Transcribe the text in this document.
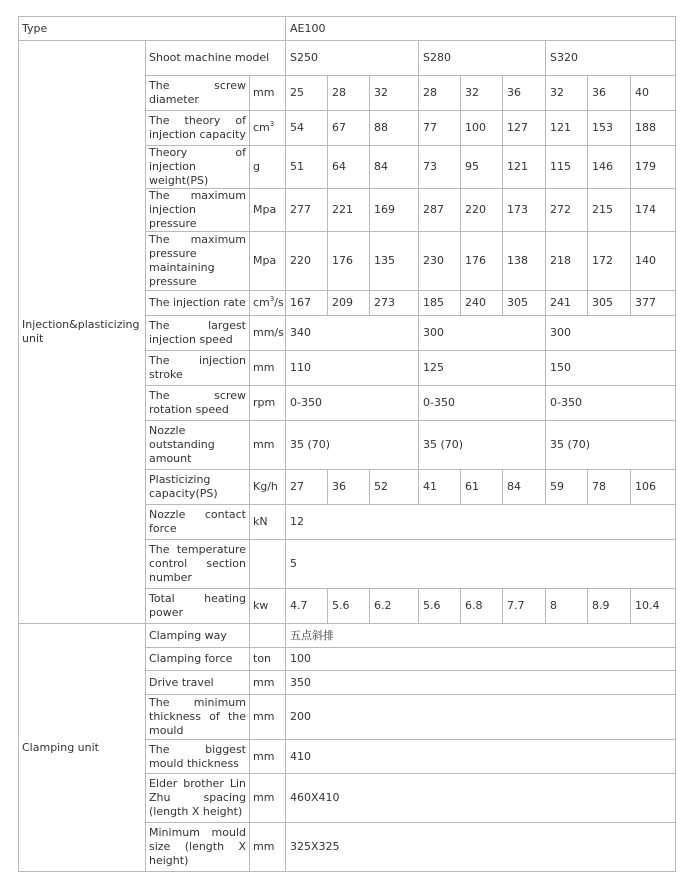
Type			AE100								
Injection&plasticizing unit	Shoot machine model		S250			S280			S320		
	The screw diameter	mm	25	28	32	28	32	36	32	36	40
	The theory of injection capacity	$cm^3$	54	67	88	77	100	127	121	153	188
	Theory of injection weight(PS)	g	51	64	84	73	95	121	115	146	179
	The maximum injection pressure	Mpa	277	221	169	287	220	173	272	215	174
	The maximum pressure maintaining pressure	Mpa	220	176	135	230	176	138	218	172	140
	The injection rate	$cm^3/s$	167	209	273	185	240	305	241	305	377
	The largest injection speed	mm/s	340			300			300		
	The injection stroke	mm	110			125			150		
	The screw rotation speed	rpm	0-350			0-350			0-350		
	Nozzle outstanding amount	mm	35 (70)			35 (70)			35 (70)		
	Plasticizing capacity(PS)	Kg/h	27	36	52	41	61	84	59	78	106
	Nozzle contact force	kN	12								
	The temperature control section number		5								
	Total heating power	kw	4.7	5.6	6.2	5.6	6.8	7.7	8	8.9	10.4
Clamping unit	Clamping way		五点斜排								
	Clamping force	ton	100								
	Drive travel	mm	350								
	The minimum thickness of the mould	mm	200								
	The biggest mould thickness	mm	410								
	Elder brother Lin Zhu spacing (length X height)	mm	460X410								
	Minimum mould size (length X height)	mm	325X325								
